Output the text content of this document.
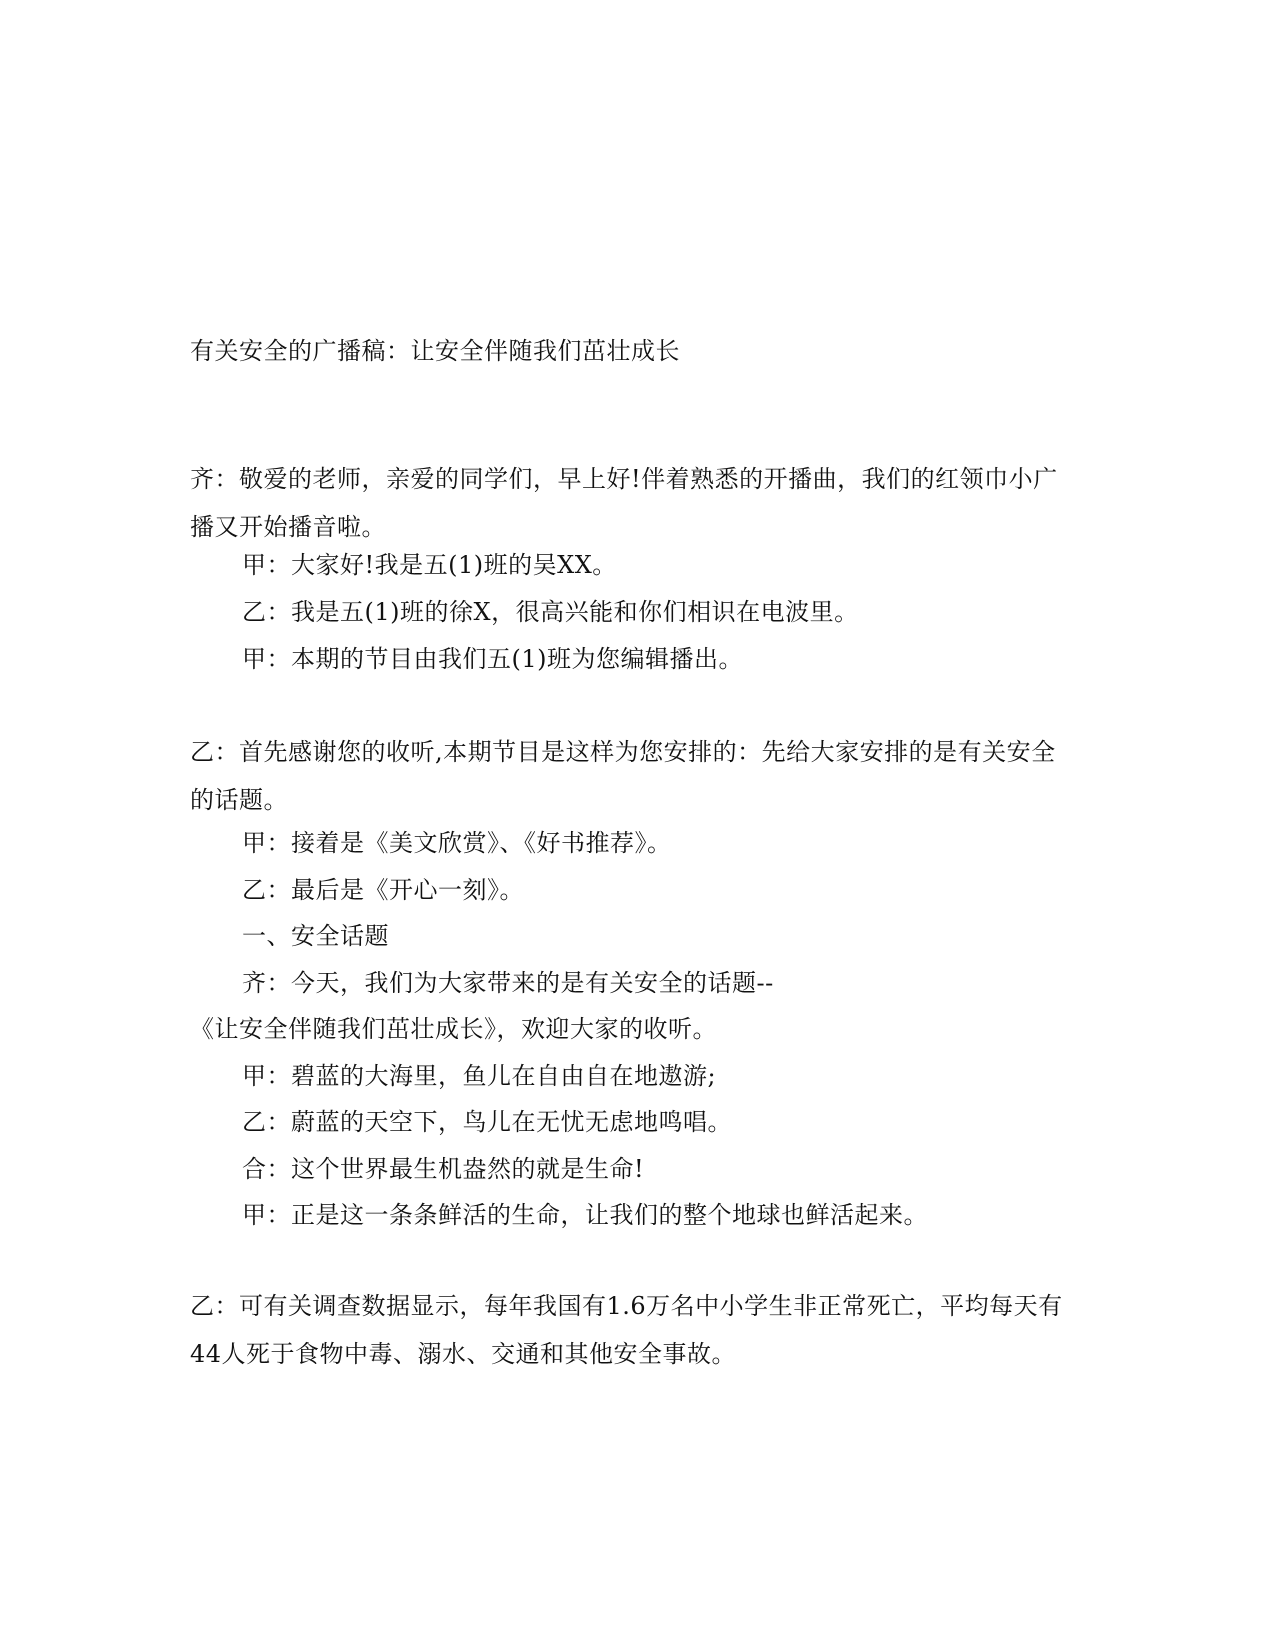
有关安全的广播稿：让安全伴随我们茁壮成长

齐：敬爱的老师，亲爱的同学们，早上好!伴着熟悉的开播曲，我们的红领巾小广播又开始播音啦。

甲：大家好!我是五(1)班的吴XX。
乙：我是五(1)班的徐X，很高兴能和你们相识在电波里。
甲：本期的节目由我们五(1)班为您编辑播出。

乙：首先感谢您的收听,本期节目是这样为您安排的：先给大家安排的是有关安全的话题。

甲：接着是《美文欣赏》、《好书推荐》。
乙：最后是《开心一刻》。
一、安全话题
齐：今天，我们为大家带来的是有关安全的话题--
《让安全伴随我们茁壮成长》，欢迎大家的收听。
甲：碧蓝的大海里，鱼儿在自由自在地遨游;
乙：蔚蓝的天空下，鸟儿在无忧无虑地鸣唱。
合：这个世界最生机盎然的就是生命!
甲：正是这一条条鲜活的生命，让我们的整个地球也鲜活起来。

乙：可有关调查数据显示，每年我国有1.6万名中小学生非正常死亡，平均每天有44人死于食物中毒、溺水、交通和其他安全事故。
